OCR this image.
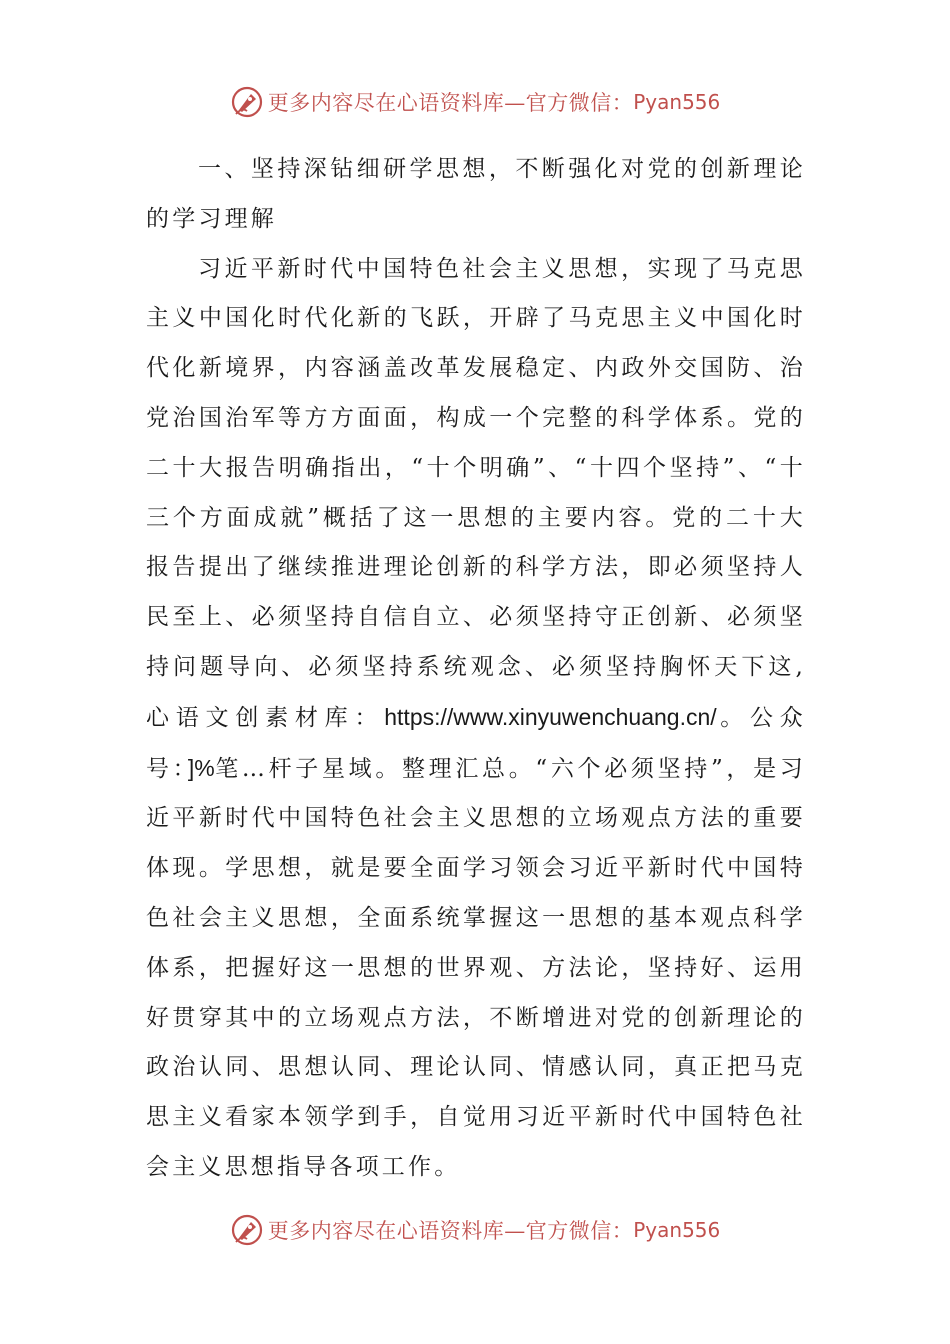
更多内容尽在心语资料库—官方微信： Pyan556

一、坚持深钻细研学思想，不断强化对党的创新理论的学习理解

习近平新时代中国特色社会主义思想，实现了马克思主义中国化时代化新的飞跃，开辟了马克思主义中国化时代化新境界，内容涵盖改革发展稳定、内政外交国防、治党治国治军等方方面面，构成一个完整的科学体系。党的二十大报告明确指出，“十个明确”、“十四个坚持”、“十三个方面成就”概括了这一思想的主要内容。党的二十大报告提出了继续推进理论创新的科学方法，即必须坚持人民至上、必须坚持自信自立、必须坚持守正创新、必须坚持问题导向、必须坚持系统观念、必须坚持胸怀天下这,心语文创素材库：https://www.xinyuwenchuang.cn/。公众号：]%笔…杆子星域。整理汇总。“六个必须坚持”，是习近平新时代中国特色社会主义思想的立场观点方法的重要体现。学思想，就是要全面学习领会习近平新时代中国特色社会主义思想，全面系统掌握这一思想的基本观点科学体系，把握好这一思想的世界观、方法论，坚持好、运用好贯穿其中的立场观点方法，不断增进对党的创新理论的政治认同、思想认同、理论认同、情感认同，真正把马克思主义看家本领学到手，自觉用习近平新时代中国特色社会主义思想指导各项工作。

更多内容尽在心语资料库—官方微信： Pyan556
